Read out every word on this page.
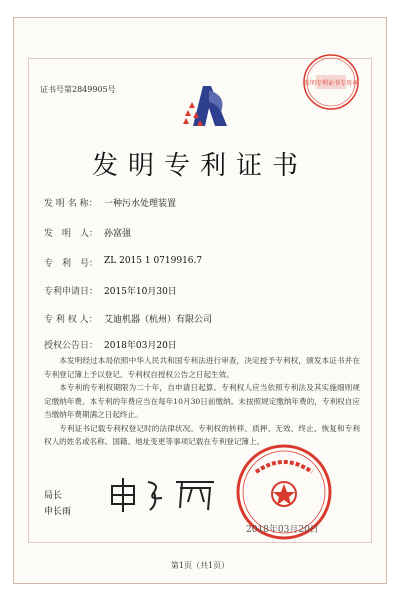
证书号第2849905号
发明专利证书专用章
发明专利证书
发 明 名 称： 一种污水处理装置
发　明　人： 孙富强
专　利　号： ZL 2015 1 0719916.7
专利申请日： 2015年10月30日
专 利 权 人： 艾迪机器（杭州）有限公司
授权公告日： 2018年03月20日

本发明经过本局依照中华人民共和国专利法进行审查，决定授予专利权，颁发本证书并在专利登记簿上予以登记。专利权自授权公告之日起生效。

本专利的专利权期限为二十年，自申请日起算。专利权人应当依照专利法及其实施细则规定缴纳年费。本专利的年费应当在每年10月30日前缴纳。未按照规定缴纳年费的，专利权自应当缴纳年费期满之日起终止。

专利证书记载专利权登记时的法律状况。专利权的转移、质押、无效、终止、恢复和专利权人的姓名或名称、国籍、地址变更等事项记载在专利登记簿上。

局长
申长雨	申长雨
2018年03月20日
第1页（共1页）
